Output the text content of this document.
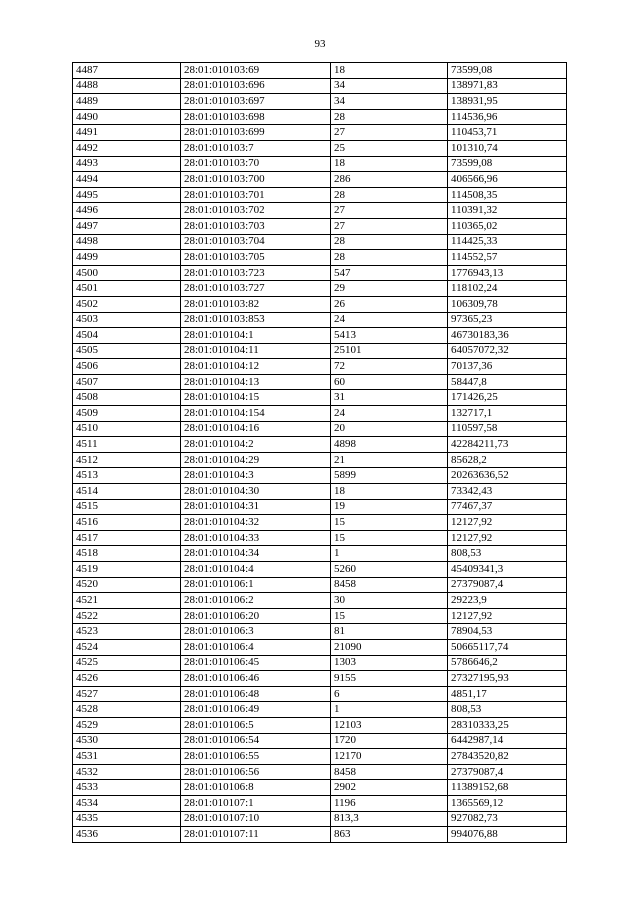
93
4487	28:01:010103:69	18	73599,08
4488	28:01:010103:696	34	138971,83
4489	28:01:010103:697	34	138931,95
4490	28:01:010103:698	28	114536,96
4491	28:01:010103:699	27	110453,71
4492	28:01:010103:7	25	101310,74
4493	28:01:010103:70	18	73599,08
4494	28:01:010103:700	286	406566,96
4495	28:01:010103:701	28	114508,35
4496	28:01:010103:702	27	110391,32
4497	28:01:010103:703	27	110365,02
4498	28:01:010103:704	28	114425,33
4499	28:01:010103:705	28	114552,57
4500	28:01:010103:723	547	1776943,13
4501	28:01:010103:727	29	118102,24
4502	28:01:010103:82	26	106309,78
4503	28:01:010103:853	24	97365,23
4504	28:01:010104:1	5413	46730183,36
4505	28:01:010104:11	25101	64057072,32
4506	28:01:010104:12	72	70137,36
4507	28:01:010104:13	60	58447,8
4508	28:01:010104:15	31	171426,25
4509	28:01:010104:154	24	132717,1
4510	28:01:010104:16	20	110597,58
4511	28:01:010104:2	4898	42284211,73
4512	28:01:010104:29	21	85628,2
4513	28:01:010104:3	5899	20263636,52
4514	28:01:010104:30	18	73342,43
4515	28:01:010104:31	19	77467,37
4516	28:01:010104:32	15	12127,92
4517	28:01:010104:33	15	12127,92
4518	28:01:010104:34	1	808,53
4519	28:01:010104:4	5260	45409341,3
4520	28:01:010106:1	8458	27379087,4
4521	28:01:010106:2	30	29223,9
4522	28:01:010106:20	15	12127,92
4523	28:01:010106:3	81	78904,53
4524	28:01:010106:4	21090	50665117,74
4525	28:01:010106:45	1303	5786646,2
4526	28:01:010106:46	9155	27327195,93
4527	28:01:010106:48	6	4851,17
4528	28:01:010106:49	1	808,53
4529	28:01:010106:5	12103	28310333,25
4530	28:01:010106:54	1720	6442987,14
4531	28:01:010106:55	12170	27843520,82
4532	28:01:010106:56	8458	27379087,4
4533	28:01:010106:8	2902	11389152,68
4534	28:01:010107:1	1196	1365569,12
4535	28:01:010107:10	813,3	927082,73
4536	28:01:010107:11	863	994076,88
